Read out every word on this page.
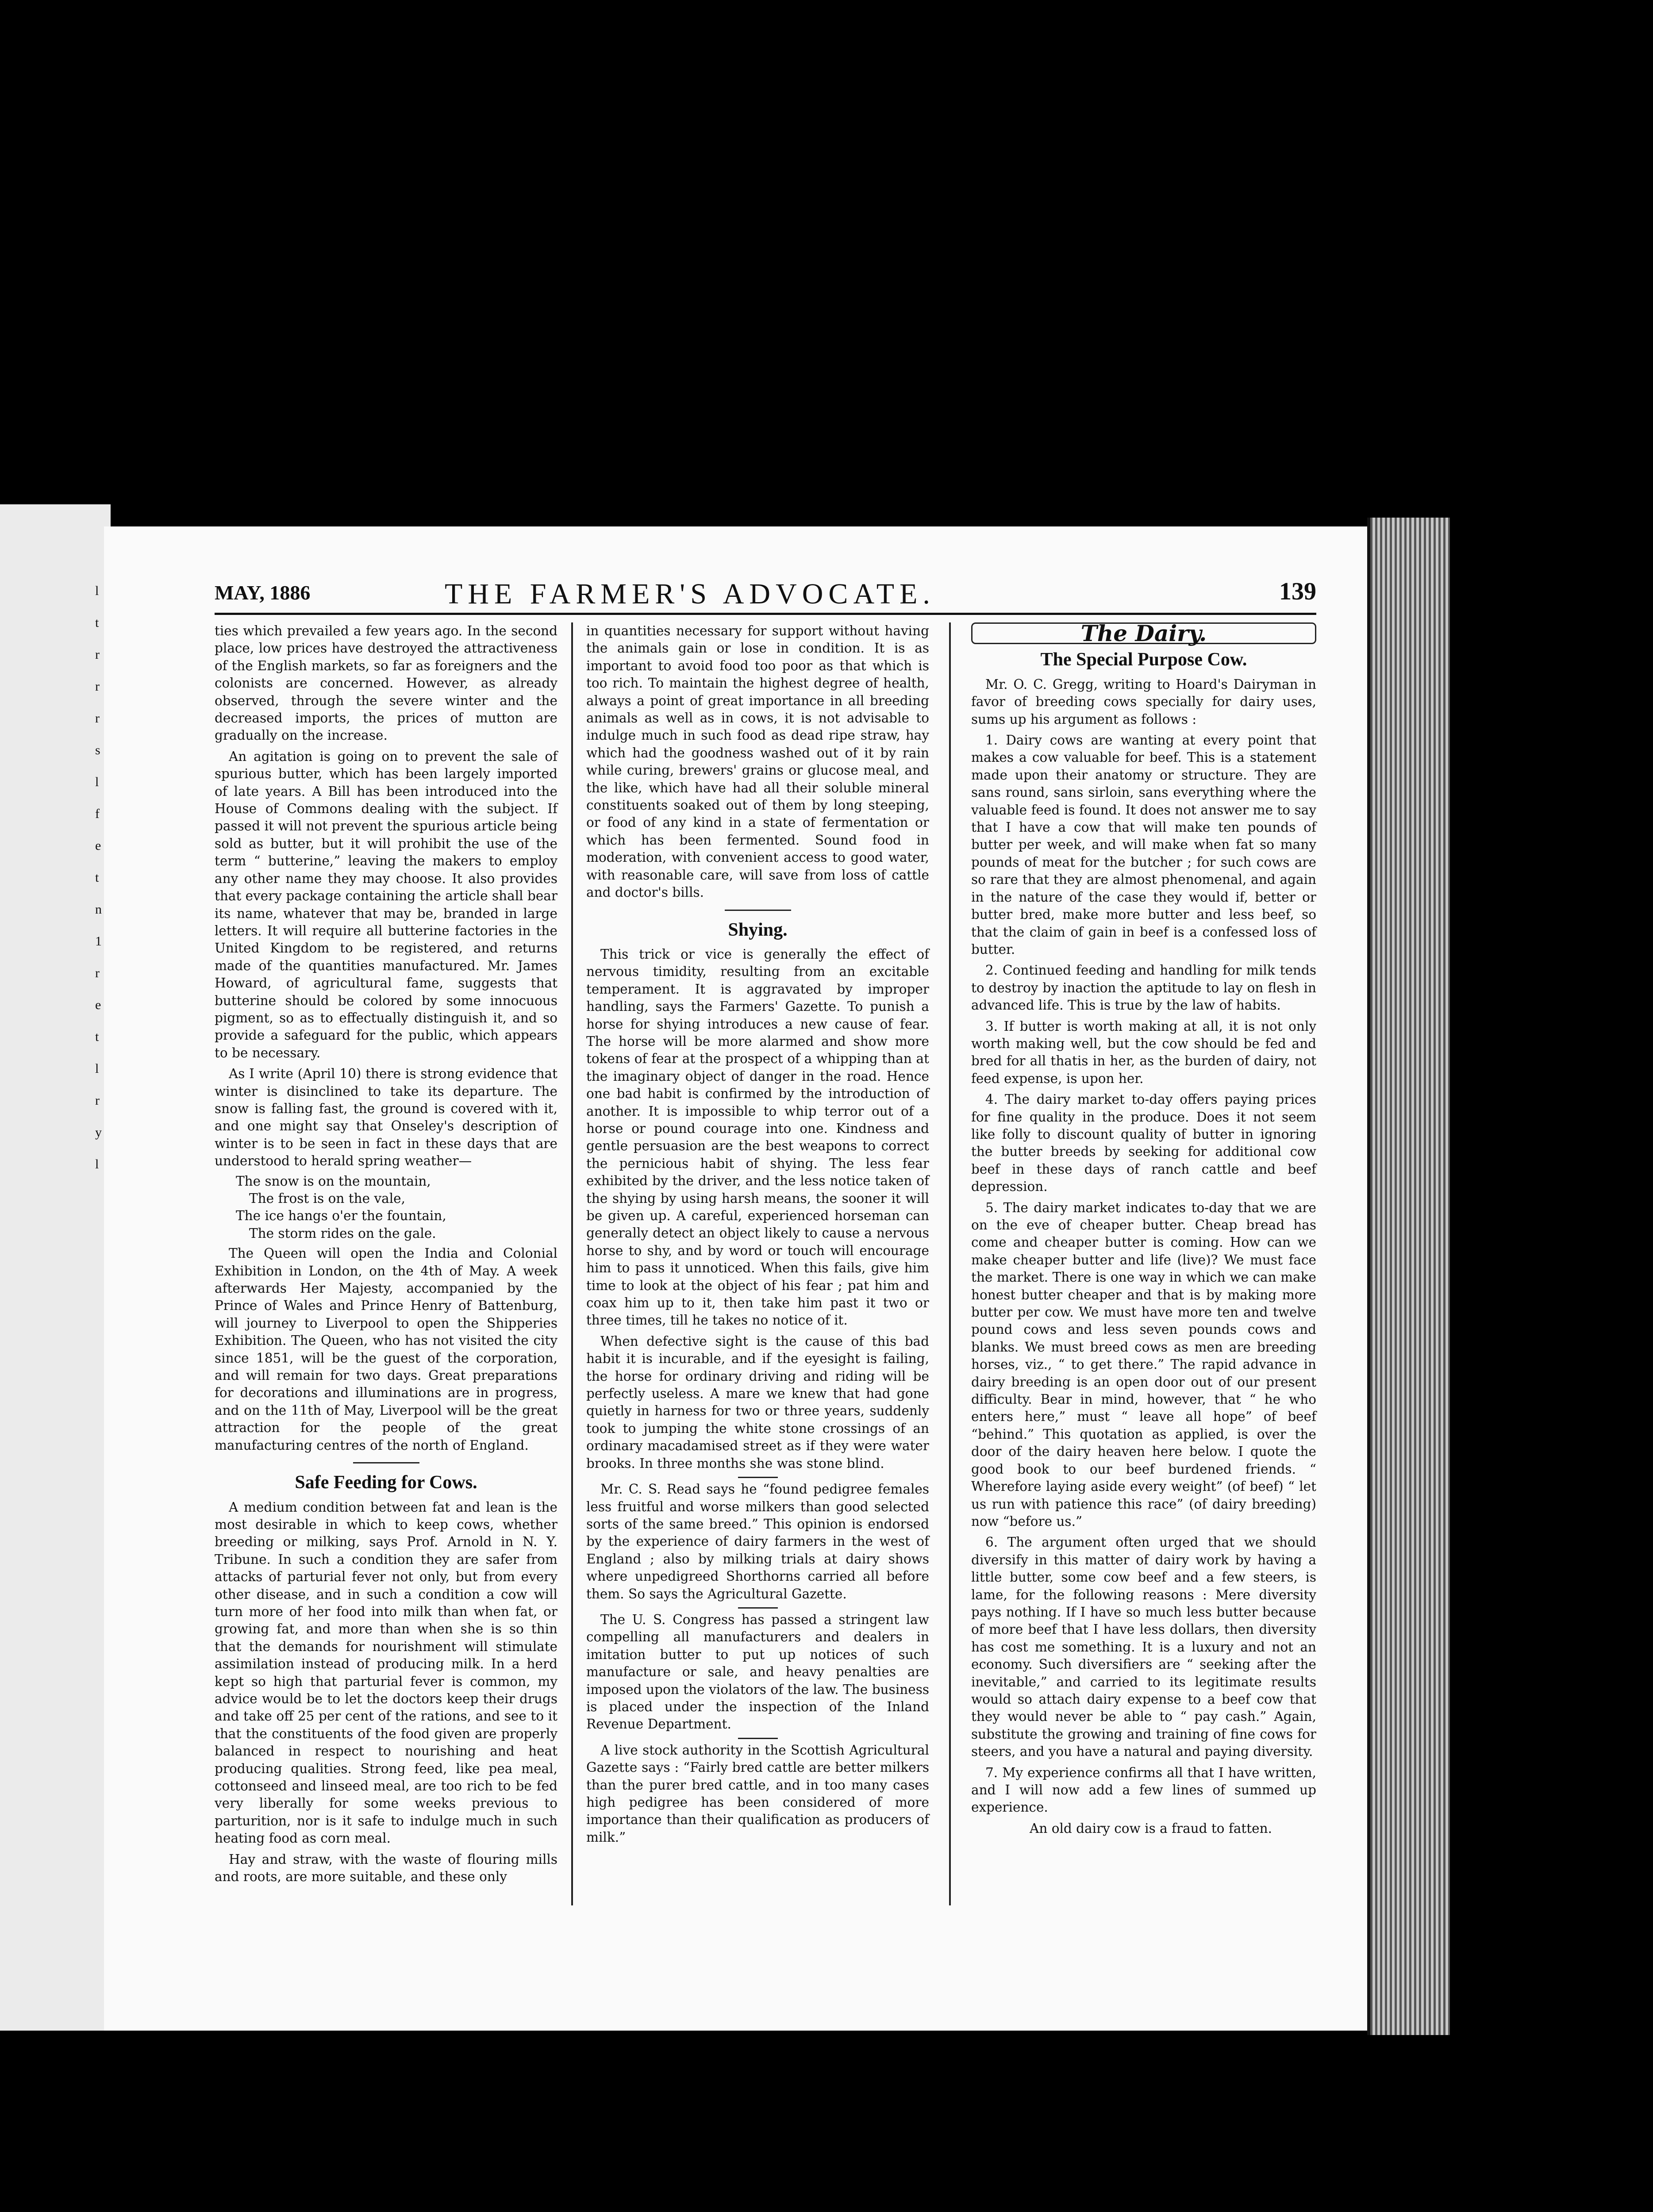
l
t
r
r
r
s
l
f
e
t
n
1
r
e
t
l
r
y
l
MAY, 1886	THE FARMER'S ADVOCATE.	139

ties which prevailed a few years ago. In the second place, low prices have destroyed the attractiveness of the English markets, so far as foreigners and the colonists are concerned. However, as already observed, through the severe winter and the decreased imports, the prices of mutton are gradually on the increase.

An agitation is going on to prevent the sale of spurious butter, which has been largely imported of late years. A Bill has been introduced into the House of Commons dealing with the subject. If passed it will not prevent the spurious article being sold as butter, but it will prohibit the use of the term “ butterine,” leaving the makers to employ any other name they may choose. It also provides that every package containing the article shall bear its name, whatever that may be, branded in large letters. It will require all butterine factories in the United Kingdom to be registered, and returns made of the quantities manufactured. Mr. James Howard, of agricultural fame, suggests that butterine should be colored by some innocuous pigment, so as to effectually distinguish it, and so provide a safeguard for the public, which appears to be necessary.

As I write (April 10) there is strong evidence that winter is disinclined to take its departure. The snow is falling fast, the ground is covered with it, and one might say that Onseley's description of winter is to be seen in fact in these days that are understood to herald spring weather—

The snow is on the mountain,
The frost is on the vale,
The ice hangs o'er the fountain,
The storm rides on the gale.

The Queen will open the India and Colonial Exhibition in London, on the 4th of May. A week afterwards Her Majesty, accompanied by the Prince of Wales and Prince Henry of Battenburg, will journey to Liverpool to open the Shipperies Exhibition. The Queen, who has not visited the city since 1851, will be the guest of the corporation, and will remain for two days. Great preparations for decorations and illuminations are in progress, and on the 11th of May, Liverpool will be the great attraction for the people of the great manufacturing centres of the north of England.

Safe Feeding for Cows.

A medium condition between fat and lean is the most desirable in which to keep cows, whether breeding or milking, says Prof. Arnold in N. Y. Tribune. In such a condition they are safer from attacks of parturial fever not only, but from every other disease, and in such a condition a cow will turn more of her food into milk than when fat, or growing fat, and more than when she is so thin that the demands for nourishment will stimulate assimilation instead of producing milk. In a herd kept so high that parturial fever is common, my advice would be to let the doctors keep their drugs and take off 25 per cent of the rations, and see to it that the constituents of the food given are properly balanced in respect to nourishing and heat producing qualities. Strong feed, like pea meal, cottonseed and linseed meal, are too rich to be fed very liberally for some weeks previous to parturition, nor is it safe to indulge much in such heating food as corn meal.

Hay and straw, with the waste of flouring mills and roots, are more suitable, and these only

in quantities necessary for support without having the animals gain or lose in condition. It is as important to avoid food too poor as that which is too rich. To maintain the highest degree of health, always a point of great importance in all breeding animals as well as in cows, it is not advisable to indulge much in such food as dead ripe straw, hay which had the goodness washed out of it by rain while curing, brewers' grains or glucose meal, and the like, which have had all their soluble mineral constituents soaked out of them by long steeping, or food of any kind in a state of fermentation or which has been fermented. Sound food in moderation, with convenient access to good water, with reasonable care, will save from loss of cattle and doctor's bills.

Shying.

This trick or vice is generally the effect of nervous timidity, resulting from an excitable temperament. It is aggravated by improper handling, says the Farmers' Gazette. To punish a horse for shying introduces a new cause of fear. The horse will be more alarmed and show more tokens of fear at the prospect of a whipping than at the imaginary object of danger in the road. Hence one bad habit is confirmed by the introduction of another. It is impossible to whip terror out of a horse or pound courage into one. Kindness and gentle persuasion are the best weapons to correct the pernicious habit of shying. The less fear exhibited by the driver, and the less notice taken of the shying by using harsh means, the sooner it will be given up. A careful, experienced horseman can generally detect an object likely to cause a nervous horse to shy, and by word or touch will encourage him to pass it unnoticed. When this fails, give him time to look at the object of his fear ; pat him and coax him up to it, then take him past it two or three times, till he takes no notice of it.

When defective sight is the cause of this bad habit it is incurable, and if the eyesight is failing, the horse for ordinary driving and riding will be perfectly useless. A mare we knew that had gone quietly in harness for two or three years, suddenly took to jumping the white stone crossings of an ordinary macadamised street as if they were water brooks. In three months she was stone blind.

Mr. C. S. Read says he “found pedigree females less fruitful and worse milkers than good selected sorts of the same breed.” This opinion is endorsed by the experience of dairy farmers in the west of England ; also by milking trials at dairy shows where unpedigreed Shorthorns carried all before them. So says the Agricultural Gazette.

The U. S. Congress has passed a stringent law compelling all manufacturers and dealers in imitation butter to put up notices of such manufacture or sale, and heavy penalties are imposed upon the violators of the law. The business is placed under the inspection of the Inland Revenue Department.

A live stock authority in the Scottish Agricultural Gazette says : “Fairly bred cattle are better milkers than the purer bred cattle, and in too many cases high pedigree has been considered of more importance than their qualification as producers of milk.”

The Dairy.
The Special Purpose Cow.

Mr. O. C. Gregg, writing to Hoard's Dairyman in favor of breeding cows specially for dairy uses, sums up his argument as follows :

1. Dairy cows are wanting at every point that makes a cow valuable for beef. This is a statement made upon their anatomy or structure. They are sans round, sans sirloin, sans everything where the valuable feed is found. It does not answer me to say that I have a cow that will make ten pounds of butter per week, and will make when fat so many pounds of meat for the butcher ; for such cows are so rare that they are almost phenomenal, and again in the nature of the case they would if, better or butter bred, make more butter and less beef, so that the claim of gain in beef is a confessed loss of butter.

2. Continued feeding and handling for milk tends to destroy by inaction the aptitude to lay on flesh in advanced life. This is true by the law of habits.

3. If butter is worth making at all, it is not only worth making well, but the cow should be fed and bred for all thatis in her, as the burden of dairy, not feed expense, is upon her.

4. The dairy market to-day offers paying prices for fine quality in the produce. Does it not seem like folly to discount quality of butter in ignoring the butter breeds by seeking for additional cow beef in these days of ranch cattle and beef depression.

5. The dairy market indicates to-day that we are on the eve of cheaper butter. Cheap bread has come and cheaper butter is coming. How can we make cheaper butter and life (live)? We must face the market. There is one way in which we can make honest butter cheaper and that is by making more butter per cow. We must have more ten and twelve pound cows and less seven pounds cows and blanks. We must breed cows as men are breeding horses, viz., “ to get there.” The rapid advance in dairy breeding is an open door out of our present difficulty. Bear in mind, however, that “ he who enters here,” must “ leave all hope” of beef “behind.” This quotation as applied, is over the door of the dairy heaven here below. I quote the good book to our beef burdened friends. “ Wherefore laying aside every weight” (of beef) “ let us run with patience this race” (of dairy breeding) now “before us.”

6. The argument often urged that we should diversify in this matter of dairy work by having a little butter, some cow beef and a few steers, is lame, for the following reasons : Mere diversity pays nothing. If I have so much less butter because of more beef that I have less dollars, then diversity has cost me something. It is a luxury and not an economy. Such diversifiers are “ seeking after the inevitable,” and carried to its legitimate results would so attach dairy expense to a beef cow that they would never be able to “ pay cash.” Again, substitute the growing and training of fine cows for steers, and you have a natural and paying diversity.

7. My experience confirms all that I have written, and I will now add a few lines of summed up experience.

An old dairy cow is a fraud to fatten.
